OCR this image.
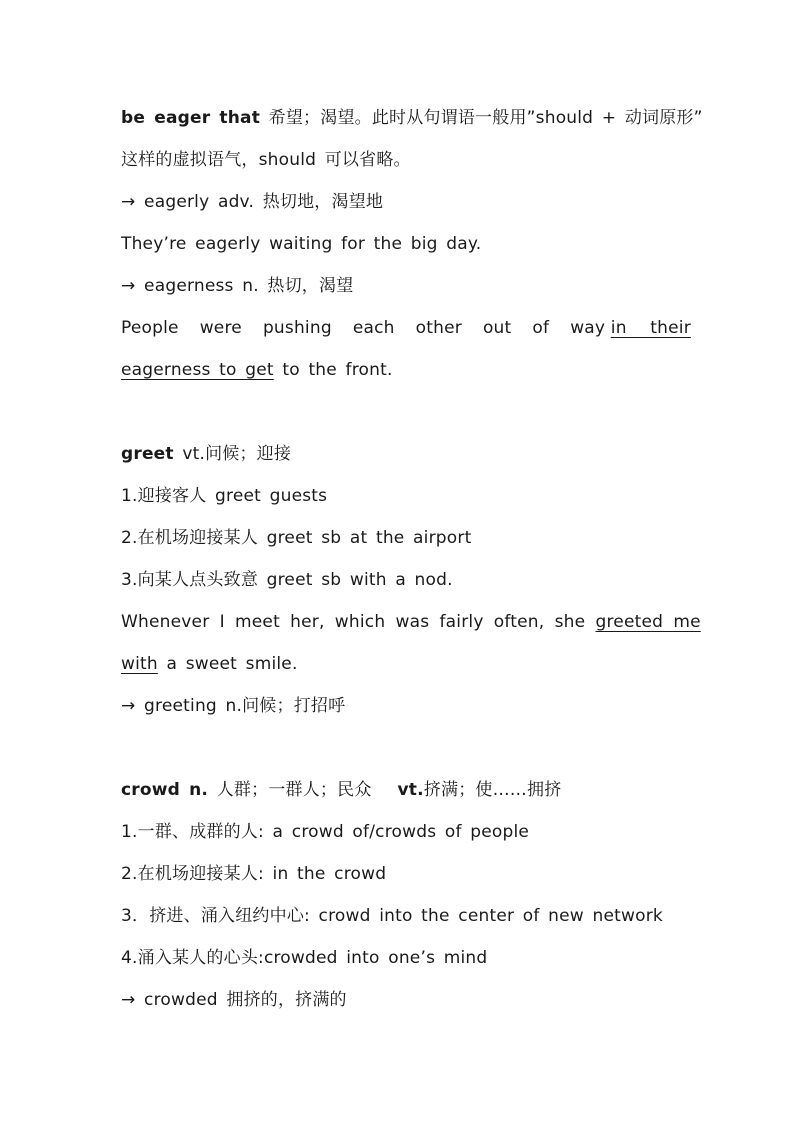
be eager that 希望；渴望。此时从句谓语一般用”should + 动词原形”

这样的虚拟语气，should 可以省略。

→ eagerly adv. 热切地，渴望地

They’re eagerly waiting for the big day.

→ eagerness n. 热切，渴望

People were pushing each other out of way in their

eagerness to get to the front.

greet vt.问候；迎接

1.迎接客人 greet guests

2.在机场迎接某人 greet sb at the airport

3.向某人点头致意 greet sb with a nod.

Whenever I meet her, which was fairly often, she greeted me

with a sweet smile.

→ greeting n.问候；打招呼

crowd n. 人群；一群人；民众 vt.挤满；使……拥挤

1.一群、成群的人: a crowd of/crowds of people

2.在机场迎接某人: in the crowd

3．挤进、涌入纽约中心: crowd into the center of new network

4.涌入某人的心头:crowded into one’s mind

→ crowded 拥挤的，挤满的
